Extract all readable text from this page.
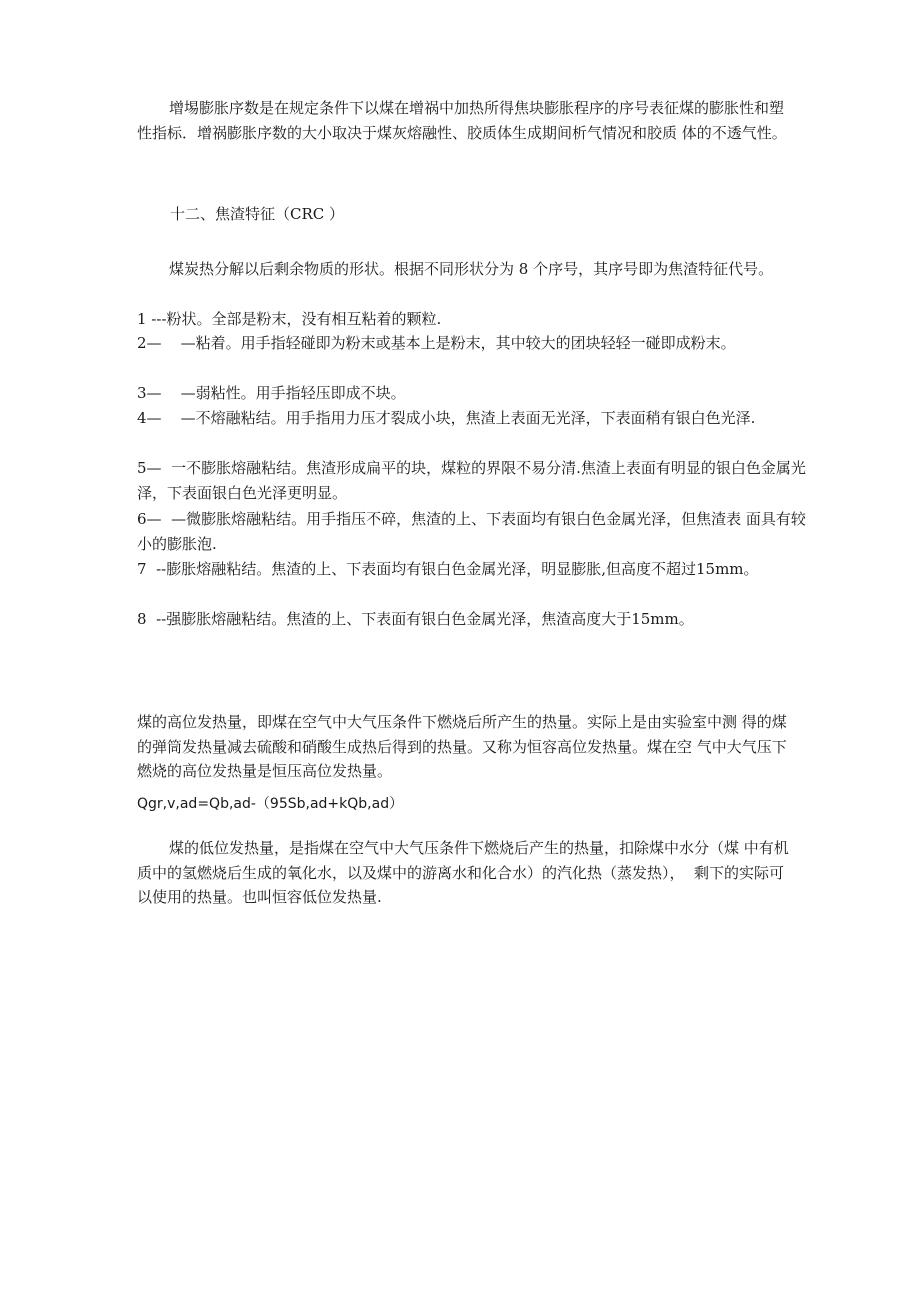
增埸膨胀序数是在规定条件下以煤在增祸中加热所得焦块膨胀程序的序号表征煤的膨胀性和塑性指标．增祸膨胀序数的大小取决于煤灰熔融性、胶质体生成期间析气情况和胶质 体的不透气性。

十二、焦渣特征（CRC ）

煤炭热分解以后剩余物质的形状。根据不同形状分为 8 个序号，其序号即为焦渣特征代号。

1 ---粉状。全部是粉末，没有相互粘着的颗粒.

2—    —粘着。用手指轻碰即为粉末或基本上是粉末，其中较大的团块轻轻一碰即成粉末。

3—    —弱粘性。用手指轻压即成不块。

4—    —不熔融粘结。用手指用力压才裂成小块，焦渣上表面无光泽，下表面稍有银白色光泽.

5—  一不膨胀熔融粘结。焦渣形成扁平的块，煤粒的界限不易分清.焦渣上表面有明显的银白色金属光泽，下表面银白色光泽更明显。

6—  —微膨胀熔融粘结。用手指压不碎，焦渣的上、下表面均有银白色金属光泽，但焦渣表 面具有较小的膨胀泡.

7  --膨胀熔融粘结。焦渣的上、下表面均有银白色金属光泽，明显膨胀,但高度不超过15mm。

8  --强膨胀熔融粘结。焦渣的上、下表面有银白色金属光泽，焦渣高度大于15mm。

煤的高位发热量，即煤在空气中大气压条件下燃烧后所产生的热量。实际上是由实验室中测 得的煤的弹筒发热量减去硫酸和硝酸生成热后得到的热量。又称为恒容高位发热量。煤在空 气中大气压下燃烧的高位发热量是恒压高位发热量。

Qgr,v,ad=Qb,ad-（95Sb,ad+kQb,ad）

煤的低位发热量，是指煤在空气中大气压条件下燃烧后产生的热量，扣除煤中水分（煤 中有机质中的氢燃烧后生成的氧化水，以及煤中的游离水和化合水）的汽化热（蒸发热），  剩下的实际可以使用的热量。也叫恒容低位发热量.
